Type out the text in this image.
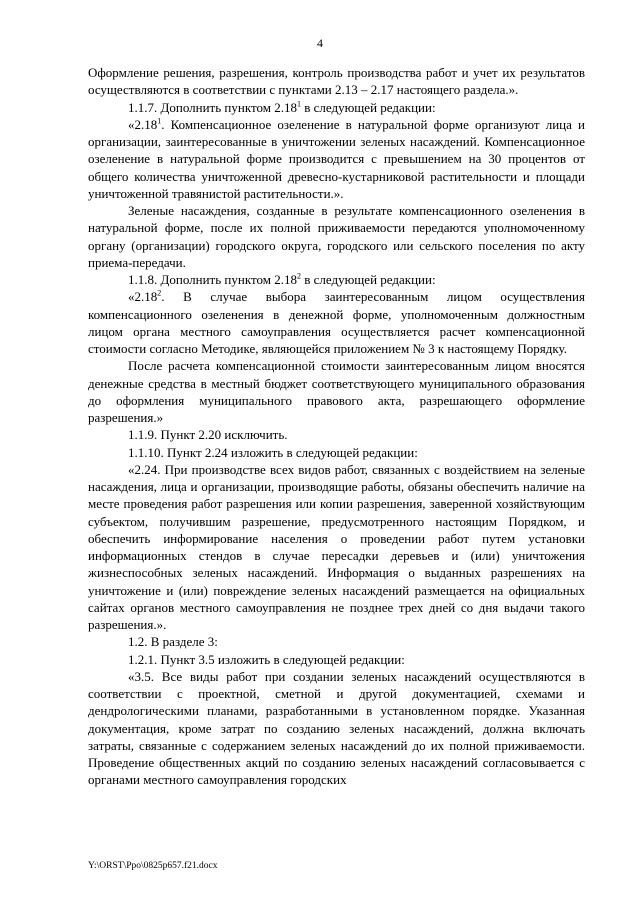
4

Оформление решения, разрешения, контроль производства работ и учет их результатов осуществляются в соответствии с пунктами 2.13 – 2.17 настоящего раздела.».

1.1.7. Дополнить пунктом 2.18$^1$ в следующей редакции:

«2.18$^1$. Компенсационное озеленение в натуральной форме организуют лица и организации, заинтересованные в уничтожении зеленых насаждений. Компенсационное озеленение в натуральной форме производится с превышением на 30 процентов от общего количества уничтоженной древесно-кустарниковой растительности и площади уничтоженной травянистой растительности.».

Зеленые насаждения, созданные в результате компенсационного озеленения в натуральной форме, после их полной приживаемости передаются уполномоченному органу (организации) городского округа, городского или сельского поселения по акту приема-передачи.

1.1.8. Дополнить пунктом 2.18$^2$ в следующей редакции:

«2.18$^2$. В случае выбора заинтересованным лицом осуществления компенсационного озеленения в денежной форме, уполномоченным должностным лицом органа местного самоуправления осуществляется расчет компенсационной стоимости согласно Методике, являющейся приложением № 3 к настоящему Порядку.

После расчета компенсационной стоимости заинтересованным лицом вносятся денежные средства в местный бюджет соответствующего муниципального образования до оформления муниципального правового акта, разрешающего оформление разрешения.»

1.1.9. Пункт 2.20 исключить.

1.1.10. Пункт 2.24 изложить в следующей редакции:

«2.24. При производстве всех видов работ, связанных с воздействием на зеленые насаждения, лица и организации, производящие работы, обязаны обеспечить наличие на месте проведения работ разрешения или копии разрешения, заверенной хозяйствующим субъектом, получившим разрешение, предусмотренного настоящим Порядком, и обеспечить информирование населения о проведении работ путем установки информационных стендов в случае пересадки деревьев и (или) уничтожения жизнеспособных зеленых насаждений. Информация о выданных разрешениях на уничтожение и (или) повреждение зеленых насаждений размещается на официальных сайтах органов местного самоуправления не позднее трех дней со дня выдачи такого разрешения.».

1.2. В разделе 3:

1.2.1. Пункт 3.5 изложить в следующей редакции:

«3.5. Все виды работ при создании зеленых насаждений осуществляются в соответствии с проектной, сметной и другой документацией, схемами и дендрологическими планами, разработанными в установленном порядке. Указанная документация, кроме затрат по созданию зеленых насаждений, должна включать затраты, связанные с содержанием зеленых насаждений до их полной приживаемости. Проведение общественных акций по созданию зеленых насаждений согласовывается с органами местного самоуправления городских

Y:\ORST\Ppo\0825p657.f21.docx
